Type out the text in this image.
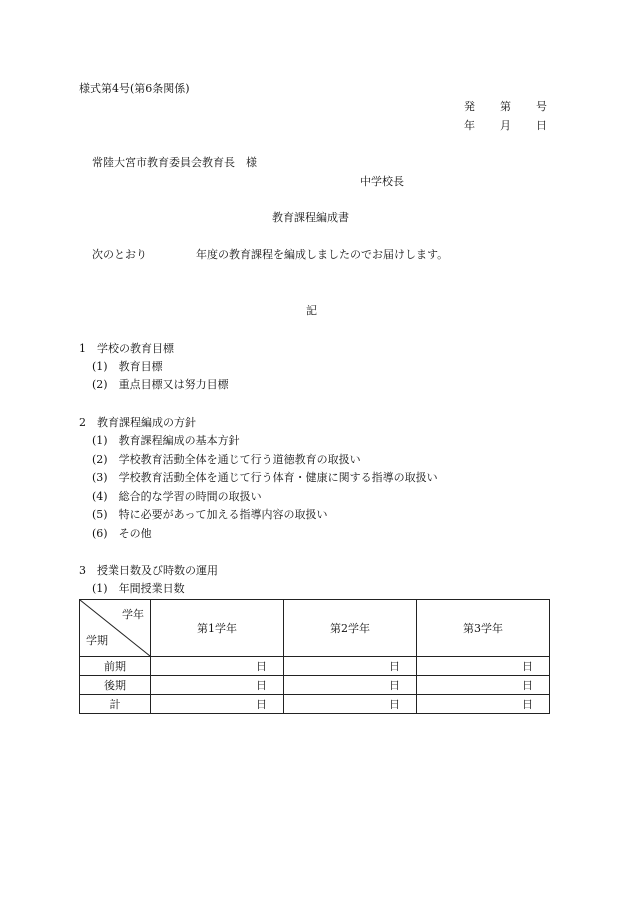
様式第4号(第6条関係)
発 第 号
年 月 日
常陸大宮市教育委員会教育長　様
中学校長
教育課程編成書
次のとおり	年度の教育課程を編成しましたのでお届けします。
記
1　学校の教育目標
(1)　教育目標
(2)　重点目標又は努力目標
2　教育課程編成の方針
(1)　教育課程編成の基本方針
(2)　学校教育活動全体を通じて行う道徳教育の取扱い
(3)　学校教育活動全体を通じて行う体育・健康に関する指導の取扱い
(4)　総合的な学習の時間の取扱い
(5)　特に必要があって加える指導内容の取扱い
(6)　その他
3　授業日数及び時数の運用
(1)　年間授業日数
学年
学期	第1学年	第2学年	第3学年
前期	日	日	日
後期	日	日	日
計	日	日	日
